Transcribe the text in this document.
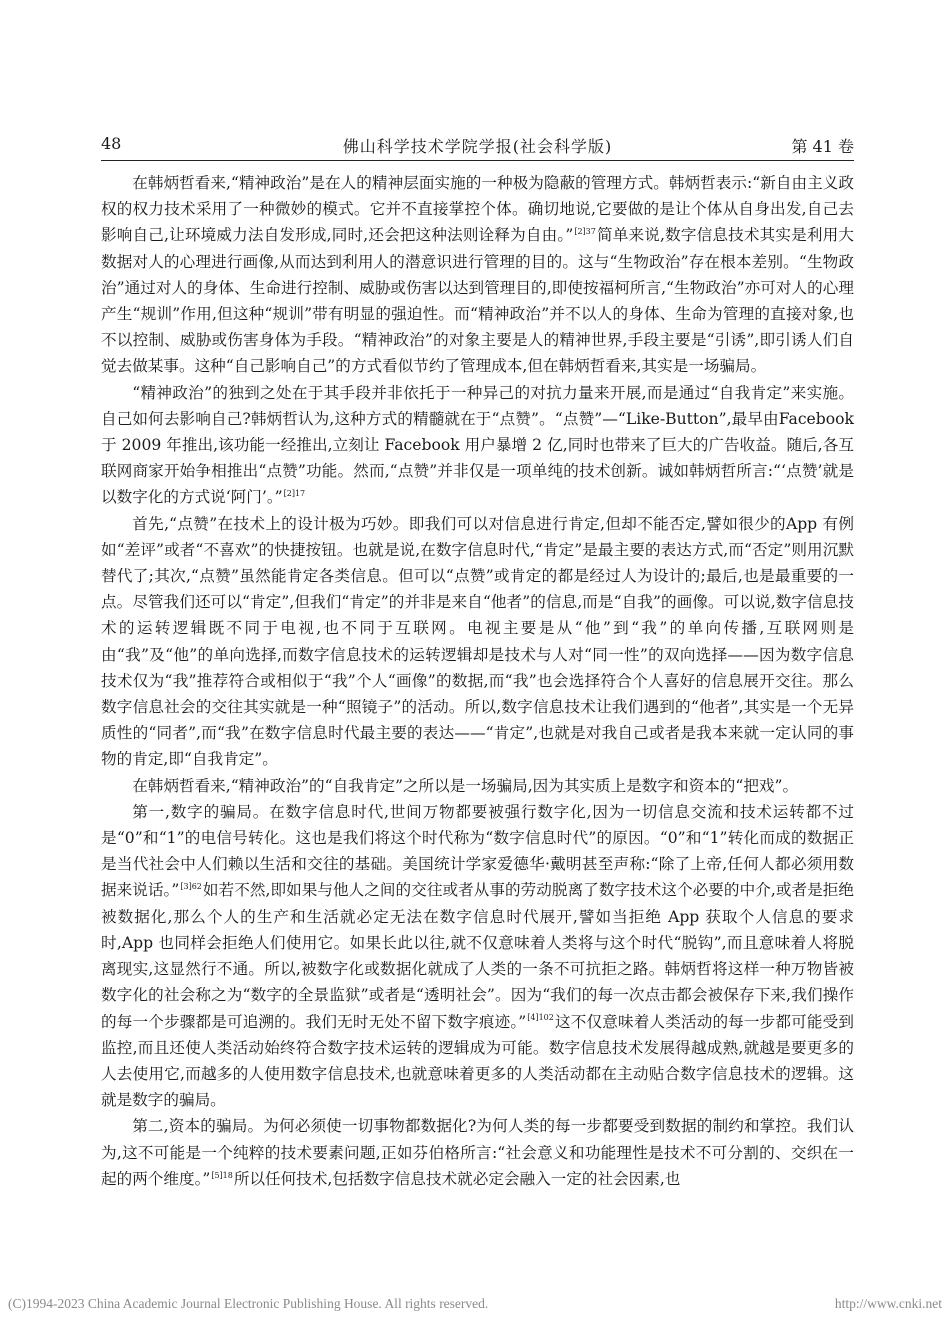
48	佛山科学技术学院学报(社会科学版)	第 41 卷

在韩炳哲看来,“精神政治”是在人的精神层面实施的一种极为隐蔽的管理方式。韩炳哲表示:“新自由主义政权的权力技术采用了一种微妙的模式。它并不直接掌控个体。确切地说,它要做的是让个体从自身出发,自己去影响自己,让环境威力法自发形成,同时,还会把这种法则诠释为自由。”$^{[2]37}$简单来说,数字信息技术其实是利用大数据对人的心理进行画像,从而达到利用人的潜意识进行管理的目的。这与“生物政治”存在根本差别。“生物政治”通过对人的身体、生命进行控制、威胁或伤害以达到管理目的,即使按福柯所言,“生物政治”亦可对人的心理产生“规训”作用,但这种“规训”带有明显的强迫性。而“精神政治”并不以人的身体、生命为管理的直接对象,也不以控制、威胁或伤害身体为手段。“精神政治”的对象主要是人的精神世界,手段主要是“引诱”,即引诱人们自觉去做某事。这种“自己影响自己”的方式看似节约了管理成本,但在韩炳哲看来,其实是一场骗局。

“精神政治”的独到之处在于其手段并非依托于一种异己的对抗力量来开展,而是通过“自我肯定”来实施。自己如何去影响自己?韩炳哲认为,这种方式的精髓就在于“点赞”。“点赞”—“Like-Button”,最早由Facebook 于 2009 年推出,该功能一经推出,立刻让 Facebook 用户暴增 2 亿,同时也带来了巨大的广告收益。随后,各互联网商家开始争相推出“点赞”功能。然而,“点赞”并非仅是一项单纯的技术创新。诚如韩炳哲所言:“‘点赞’就是以数字化的方式说‘阿门’。”$^{[2]17}$

首先,“点赞”在技术上的设计极为巧妙。即我们可以对信息进行肯定,但却不能否定,譬如很少的App 有例如“差评”或者“不喜欢”的快捷按钮。也就是说,在数字信息时代,“肯定”是最主要的表达方式,而“否定”则用沉默替代了;其次,“点赞”虽然能肯定各类信息。但可以“点赞”或肯定的都是经过人为设计的;最后,也是最重要的一点。尽管我们还可以“肯定”,但我们“肯定”的并非是来自“他者”的信息,而是“自我”的画像。可以说,数字信息技术的运转逻辑既不同于电视,也不同于互联网。电视主要是从“他”到“我”的单向传播,互联网则是由“我”及“他”的单向选择,而数字信息技术的运转逻辑却是技术与人对“同一性”的双向选择——因为数字信息技术仅为“我”推荐符合或相似于“我”个人“画像”的数据,而“我”也会选择符合个人喜好的信息展开交往。那么数字信息社会的交往其实就是一种“照镜子”的活动。所以,数字信息技术让我们遇到的“他者”,其实是一个无异质性的“同者”,而“我”在数字信息时代最主要的表达——“肯定”,也就是对我自己或者是我本来就一定认同的事物的肯定,即“自我肯定”。

在韩炳哲看来,“精神政治”的“自我肯定”之所以是一场骗局,因为其实质上是数字和资本的“把戏”。

第一,数字的骗局。在数字信息时代,世间万物都要被强行数字化,因为一切信息交流和技术运转都不过是“0”和“1”的电信号转化。这也是我们将这个时代称为“数字信息时代”的原因。“0”和“1”转化而成的数据正是当代社会中人们赖以生活和交往的基础。美国统计学家爱德华·戴明甚至声称:“除了上帝,任何人都必须用数据来说话。”$^{[3]62}$如若不然,即如果与他人之间的交往或者从事的劳动脱离了数字技术这个必要的中介,或者是拒绝被数据化,那么个人的生产和生活就必定无法在数字信息时代展开,譬如当拒绝 App 获取个人信息的要求时,App 也同样会拒绝人们使用它。如果长此以往,就不仅意味着人类将与这个时代“脱钩”,而且意味着人将脱离现实,这显然行不通。所以,被数字化或数据化就成了人类的一条不可抗拒之路。韩炳哲将这样一种万物皆被数字化的社会称之为“数字的全景监狱”或者是“透明社会”。因为“我们的每一次点击都会被保存下来,我们操作的每一个步骤都是可追溯的。我们无时无处不留下数字痕迹。”$^{[4]102}$这不仅意味着人类活动的每一步都可能受到监控,而且还使人类活动始终符合数字技术运转的逻辑成为可能。数字信息技术发展得越成熟,就越是要更多的人去使用它,而越多的人使用数字信息技术,也就意味着更多的人类活动都在主动贴合数字信息技术的逻辑。这就是数字的骗局。

第二,资本的骗局。为何必须使一切事物都数据化?为何人类的每一步都要受到数据的制约和掌控。我们认为,这不可能是一个纯粹的技术要素问题,正如芬伯格所言:“社会意义和功能理性是技术不可分割的、交织在一起的两个维度。”$^{[5]18}$所以任何技术,包括数字信息技术就必定会融入一定的社会因素,也

(C)1994-2023 China Academic Journal Electronic Publishing House. All rights reserved.	http://www.cnki.net
